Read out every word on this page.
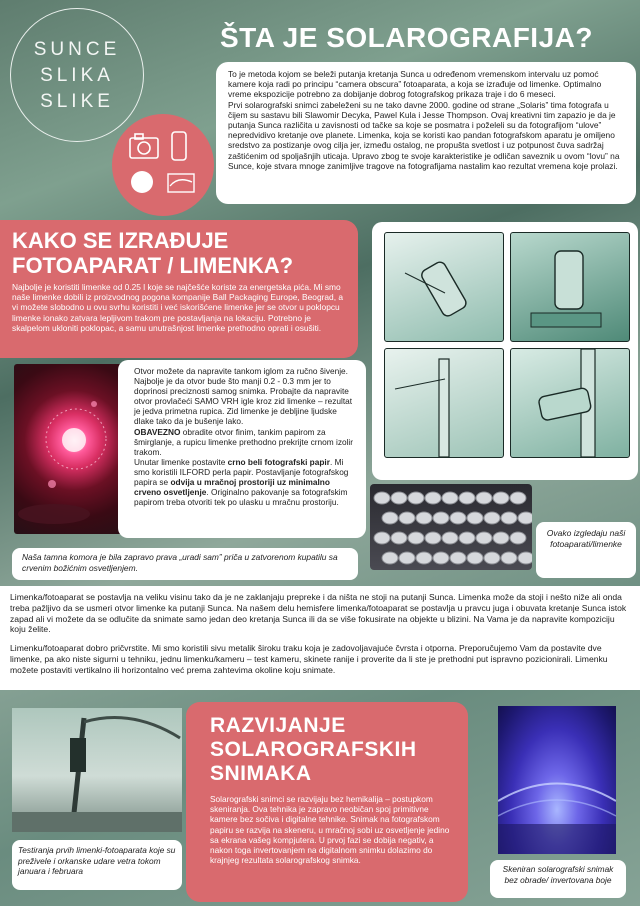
SUNCE
SLIKA
SLIKE
ŠTA JE SOLAROGRAFIJA?

To je metoda kojom se beleži putanja kretanja Sunca u određenom vremenskom intervalu uz pomoć kamere koja radi po principu “camera obscura” fotoaparata, a koja se izrađuje od limenke. Optimalno vreme ekspozicije potrebno za dobijanje dobrog fotografskog prikaza traje i do 6 meseci.

Prvi solarografski snimci zabeleženi su ne tako davne 2000. godine od strane „Solaris” tima fotografa u čijem su sastavu bili Slawomir Decyka, Pawel Kula i Jesse Thompson. Ovaj kreativni tim zapazio je da je putanja Sunca različita u zavisnosti od tačke sa koje se posmatra i poželeli su da fotografijom “ulove” nepredvidivo kretanje ove planete. Limenka, koja se koristi kao pandan fotografskom aparatu je omiljeno sredstvo za postizanje ovog cilja jer, između ostalog, ne propušta svetlost i uz potpunost čuva sadržaj zaštićenim od spoljašnjih uticaja. Upravo zbog te svoje karakteristike je odličan saveznik u ovom “lovu” na Sunce, koje stvara mnoge zanimljive tragove na fotografijama nastalim kao rezultat vremena koje prolazi.

KAKO SE IZRAĐUJE
FOTOAPARAT / LIMENKA?

Najbolje je koristiti limenke od 0.25 l koje se najčešće koriste za energetska pića. Mi smo naše limenke dobili iz proizvodnog pogona kompanije Ball Packaging Europe, Beograd, a vi možete slobodno u ovu svrhu koristiti i već iskorišćene limenke jer se otvor u poklopcu limenke ionako zatvara lepljivom trakom pre postavljanja na lokaciju. Potrebno je skalpelom ukloniti poklopac, a samu unutrašnjost limenke prethodno oprati i osušiti.

Otvor možete da napravite tankom iglom za ručno šivenje. Najbolje je da otvor bude što manji 0.2 - 0.3 mm jer to doprinosi preciznosti samog snimka. Probajte da napravite otvor provlačeći SAMO VRH igle kroz zid limenke – rezultat je jedva primetna rupica. Zid limenke je debljine ljudske dlake tako da je bušenje lako.

OBAVEZNO obradite otvor finim, tankim papirom za šmirglanje, a rupicu limenke prethodno prekrijte crnom izolir trakom.

Unutar limenke postavite crno beli fotografski papir. Mi smo koristili ILFORD perla papir. Postavljanje fotografskog papira se odvija u mračnoj prostoriji uz minimalno crveno osvetljenje. Originalno pakovanje sa fotografskim papirom treba otvoriti tek po ulasku u mračnu prostoriju.

Naša tamna komora je bila zapravo prava „uradi sam” priča u zatvorenom kupatilu sa crvenim božićnim osvetljenjem.
Ovako izgledaju naši fotoaparati/limenke

Limenka/fotoaparat se postavlja na veliku visinu tako da je ne zaklanjaju prepreke i da ništa ne stoji na putanji Sunca. Limenka može da stoji i nešto niže ali onda treba pažljivo da se usmeri otvor limenke ka putanji Sunca. Na našem delu hemisfere limenka/fotoaparat se postavlja u pravcu juga i obuvata kretanje Sunca istok zapad ali vi možete da se odlučite da snimate samo jedan deo kretanja Sunca ili da se više fokusirate na objekte u blizini. Na Vama je da napravite kompoziciju koju želite.

Limenku/fotoaparat dobro pričvrstite. Mi smo koristili sivu metalik široku traku koja je zadovoljavajuće čvrsta i otporna. Preporučujemo Vam da postavite dve limenke, pa ako niste sigurni u tehniku, jednu limenku/kameru – test kameru, skinete ranije i proverite da li ste je prethodni put ispravno pozicionirali. Limenku možete postaviti vertikalno ili horizontalno već prema zahtevima okoline koju snimate.

Testiranja prvih limenki-fotoaparata koje su preživele i orkanske udare vetra tokom januara i februara
RAZVIJANJE
SOLAROGRAFSKIH
SNIMAKA

Solarografski snimci se razvijaju bez hemikalija – postupkom skeniranja. Ova tehnika je zapravo neobičan spoj primitivne kamere bez sočiva i digitalne tehnike. Snimak na fotografskom papiru se razvija na skeneru, u mračnoj sobi uz osvetljenje jedino sa ekrana vašeg kompjutera. U prvoj fazi se dobija negativ, a nakon toga invertovanjem na digitalnom snimku dolazimo do krajnjeg rezultata solarografskog snimka.

Skeniran solarografski snimak bez obrade/ invertovana boje
